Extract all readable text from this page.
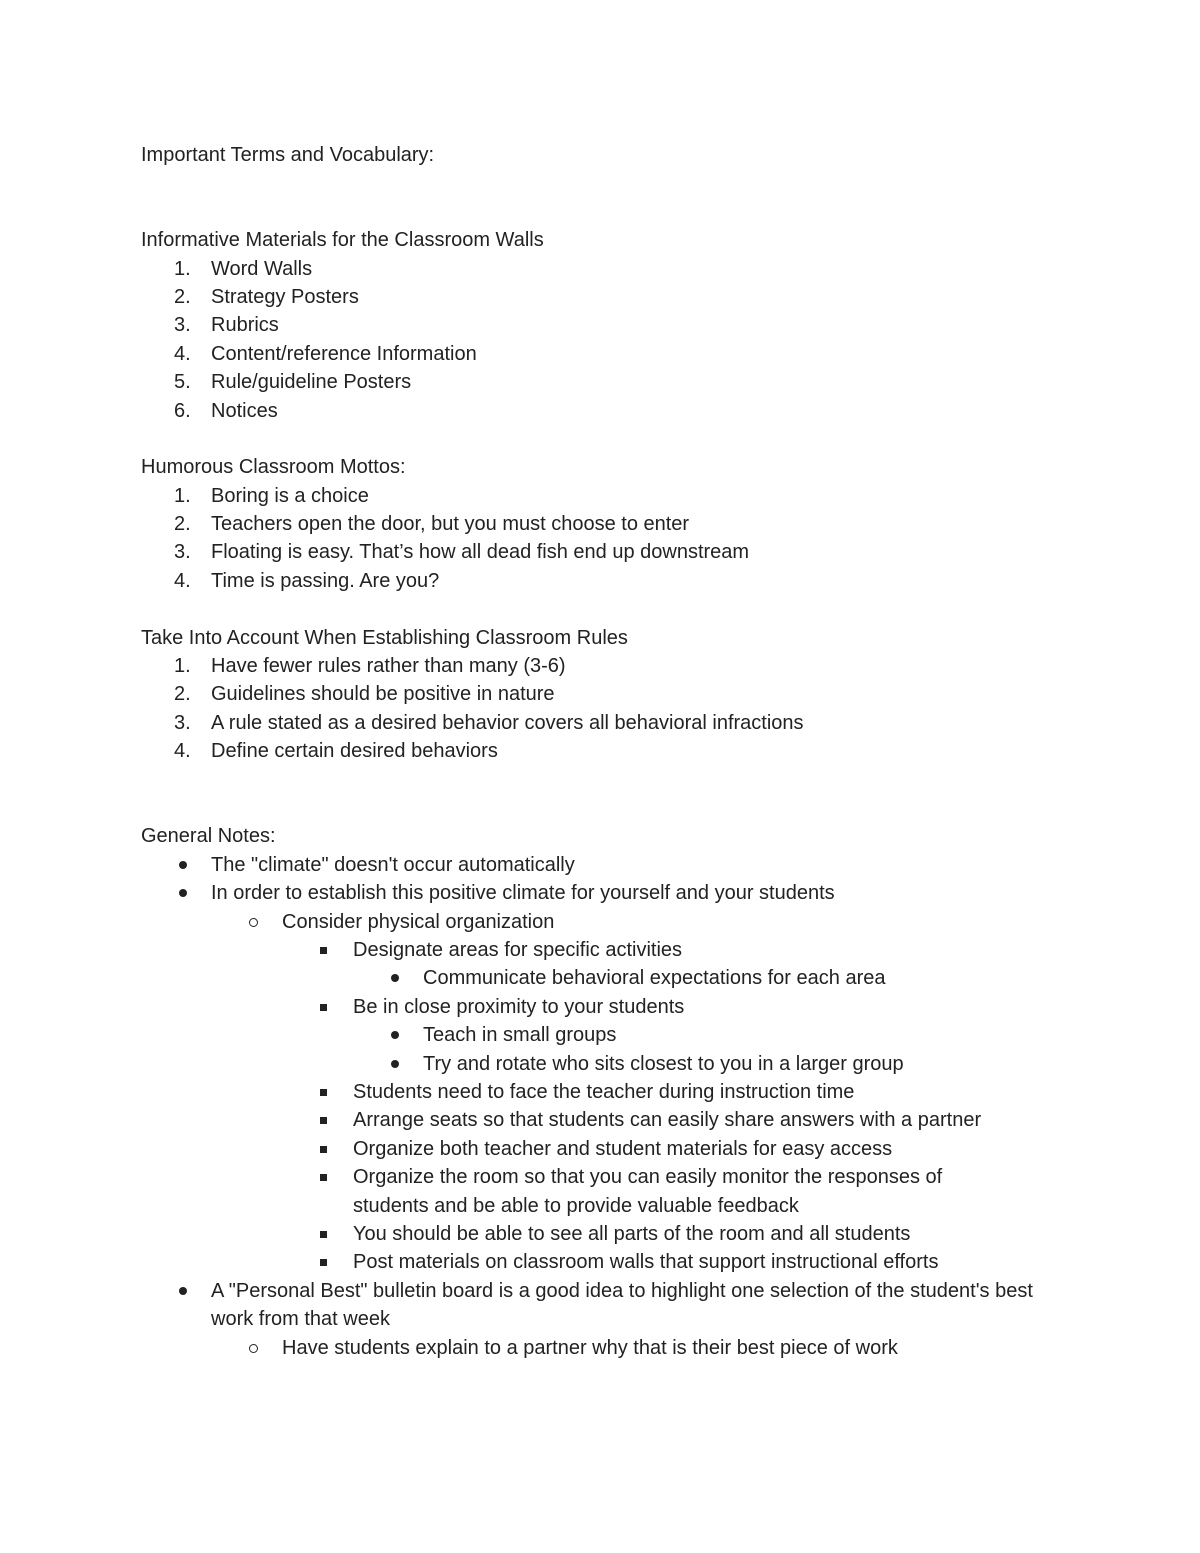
Important Terms and Vocabulary:
Informative Materials for the Classroom Walls
1. Word Walls
2. Strategy Posters
3. Rubrics
4. Content/reference Information
5. Rule/guideline Posters
6. Notices
Humorous Classroom Mottos:
1. Boring is a choice
2. Teachers open the door, but you must choose to enter
3. Floating is easy. That’s how all dead fish end up downstream
4. Time is passing. Are you?
Take Into Account When Establishing Classroom Rules
1. Have fewer rules rather than many (3-6)
2. Guidelines should be positive in nature
3. A rule stated as a desired behavior covers all behavioral infractions
4. Define certain desired behaviors
General Notes:
The "climate" doesn't occur automatically
In order to establish this positive climate for yourself and your students
Consider physical organization
Designate areas for specific activities
Communicate behavioral expectations for each area
Be in close proximity to your students
Teach in small groups
Try and rotate who sits closest to you in a larger group
Students need to face the teacher during instruction time
Arrange seats so that students can easily share answers with a partner
Organize both teacher and student materials for easy access
Organize the room so that you can easily monitor the responses of students and be able to provide valuable feedback
You should be able to see all parts of the room and all students
Post materials on classroom walls that support instructional efforts
A "Personal Best" bulletin board is a good idea to highlight one selection of the student's best work from that week
Have students explain to a partner why that is their best piece of work
